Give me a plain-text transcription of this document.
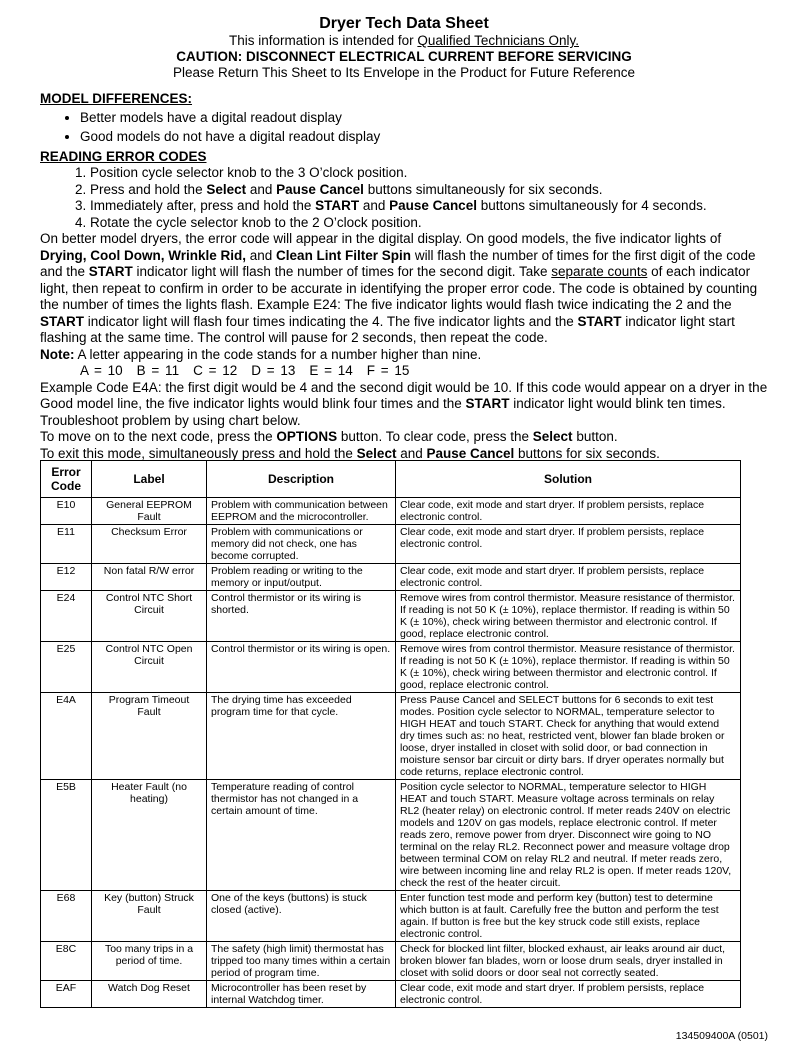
Dryer Tech Data Sheet
This information is intended for Qualified Technicians Only.
CAUTION: DISCONNECT ELECTRICAL CURRENT BEFORE SERVICING
Please Return This Sheet to Its Envelope in the Product for Future Reference
MODEL DIFFERENCES:
• Better models have a digital readout display
• Good models do not have a digital readout display
READING ERROR CODES
1. Position cycle selector knob to the 3 O’clock position.
2. Press and hold the Select and Pause Cancel buttons simultaneously for six seconds.
3. Immediately after, press and hold the START and Pause Cancel buttons simultaneously for 4 seconds.
4. Rotate the cycle selector knob to the 2 O’clock position.

On better model dryers, the error code will appear in the digital display. On good models, the five indicator lights of Drying, Cool Down, Wrinkle Rid, and Clean Lint Filter Spin will flash the number of times for the first digit of the code and the START indicator light will flash the number of times for the second digit. Take separate counts of each indicator light, then repeat to confirm in order to be accurate in identifying the proper error code. The code is obtained by counting the number of times the lights flash. Example E24: The five indicator lights would flash twice indicating the 2 and the START indicator light will flash four times indicating the 4. The five indicator lights and the START indicator light start flashing at the same time. The control will pause for 2 seconds, then repeat the code.

Note: A letter appearing in the code stands for a number higher than nine.

A = 10 B = 11 C = 12 D = 13 E = 14 F = 15

Example Code E4A: the first digit would be 4 and the second digit would be 10. If this code would appear on a dryer in the Good model line, the five indicator lights would blink four times and the START indicator light would blink ten times.

Troubleshoot problem by using chart below.

To move on to the next code, press the OPTIONS button. To clear code, press the Select button.

To exit this mode, simultaneously press and hold the Select and Pause Cancel buttons for six seconds.

Error Code	Label	Description	Solution
E10	General EEPROM Fault	Problem with communication between EEPROM and the microcontroller.	Clear code, exit mode and start dryer. If problem persists, replace electronic control.
E11	Checksum Error	Problem with communications or memory did not check, one has become corrupted.	Clear code, exit mode and start dryer. If problem persists, replace electronic control.
E12	Non fatal R/W error	Problem reading or writing to the memory or input/output.	Clear code, exit mode and start dryer. If problem persists, replace electronic control.
E24	Control NTC Short Circuit	Control thermistor or its wiring is shorted.	Remove wires from control thermistor. Measure resistance of thermistor. If reading is not 50 K (± 10%), replace thermistor. If reading is within 50 K (± 10%), check wiring between thermistor and electronic control. If good, replace electronic control.
E25	Control NTC Open Circuit	Control thermistor or its wiring is open.	Remove wires from control thermistor. Measure resistance of thermistor. If reading is not 50 K (± 10%), replace thermistor. If reading is within 50 K (± 10%), check wiring between thermistor and electronic control. If good, replace electronic control.
E4A	Program Timeout Fault	The drying time has exceeded program time for that cycle.	Press Pause Cancel and SELECT buttons for 6 seconds to exit test modes. Position cycle selector to NORMAL, temperature selector to HIGH HEAT and touch START. Check for anything that would extend dry times such as: no heat, restricted vent, blower fan blade broken or loose, dryer installed in closet with solid door, or bad connection in moisture sensor bar circuit or dirty bars. If dryer operates normally but code returns, replace electronic control.
E5B	Heater Fault (no heating)	Temperature reading of control thermistor has not changed in a certain amount of time.	Position cycle selector to NORMAL, temperature selector to HIGH HEAT and touch START. Measure voltage across terminals on relay RL2 (heater relay) on electronic control. If meter reads 240V on electric models and 120V on gas models, replace electronic control. If meter reads zero, remove power from dryer. Disconnect wire going to NO terminal on the relay RL2. Reconnect power and measure voltage drop between terminal COM on relay RL2 and neutral. If meter reads zero, wire between incoming line and relay RL2 is open. If meter reads 120V, check the rest of the heater circuit.
E68	Key (button) Struck Fault	One of the keys (buttons) is stuck closed (active).	Enter function test mode and perform key (button) test to determine which button is at fault. Carefully free the button and perform the test again. If button is free but the key struck code still exists, replace electronic control.
E8C	Too many trips in a period of time.	The safety (high limit) thermostat has tripped too many times within a certain period of program time.	Check for blocked lint filter, blocked exhaust, air leaks around air duct, broken blower fan blades, worn or loose drum seals, dryer installed in closet with solid doors or door seal not correctly seated.
EAF	Watch Dog Reset	Microcontroller has been reset by internal Watchdog timer.	Clear code, exit mode and start dryer. If problem persists, replace electronic control.
134509400A (0501)
